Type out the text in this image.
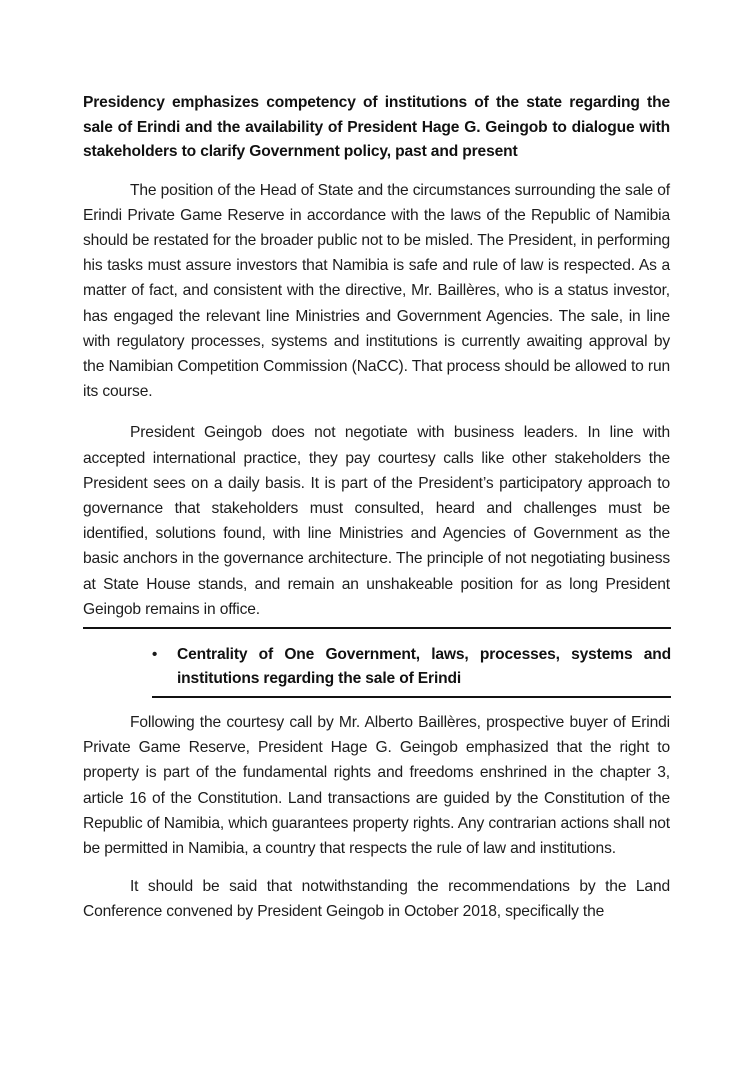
Presidency emphasizes competency of institutions of the state regarding the sale of Erindi and the availability of President Hage G. Geingob to dialogue with stakeholders to clarify Government policy, past and present

The position of the Head of State and the circumstances surrounding the sale of Erindi Private Game Reserve in accordance with the laws of the Republic of Namibia should be restated for the broader public not to be misled. The President, in performing his tasks must assure investors that Namibia is safe and rule of law is respected. As a matter of fact, and consistent with the directive, Mr. Baillères, who is a status investor, has engaged the relevant line Ministries and Government Agencies. The sale, in line with regulatory processes, systems and institutions is currently awaiting approval by the Namibian Competition Commission (NaCC). That process should be allowed to run its course.

President Geingob does not negotiate with business leaders. In line with accepted international practice, they pay courtesy calls like other stakeholders the President sees on a daily basis. It is part of the President’s participatory approach to governance that stakeholders must consulted, heard and challenges must be identified, solutions found, with line Ministries and Agencies of Government as the basic anchors in the governance architecture. The principle of not negotiating business at State House stands, and remain an unshakeable position for as long President Geingob remains in office.

• Centrality of One Government, laws, processes, systems and institutions regarding the sale of Erindi

Following the courtesy call by Mr. Alberto Baillères, prospective buyer of Erindi Private Game Reserve, President Hage G. Geingob emphasized that the right to property is part of the fundamental rights and freedoms enshrined in the chapter 3, article 16 of the Constitution. Land transactions are guided by the Constitution of the Republic of Namibia, which guarantees property rights. Any contrarian actions shall not be permitted in Namibia, a country that respects the rule of law and institutions.

It should be said that notwithstanding the recommendations by the Land Conference convened by President Geingob in October 2018, specifically the
